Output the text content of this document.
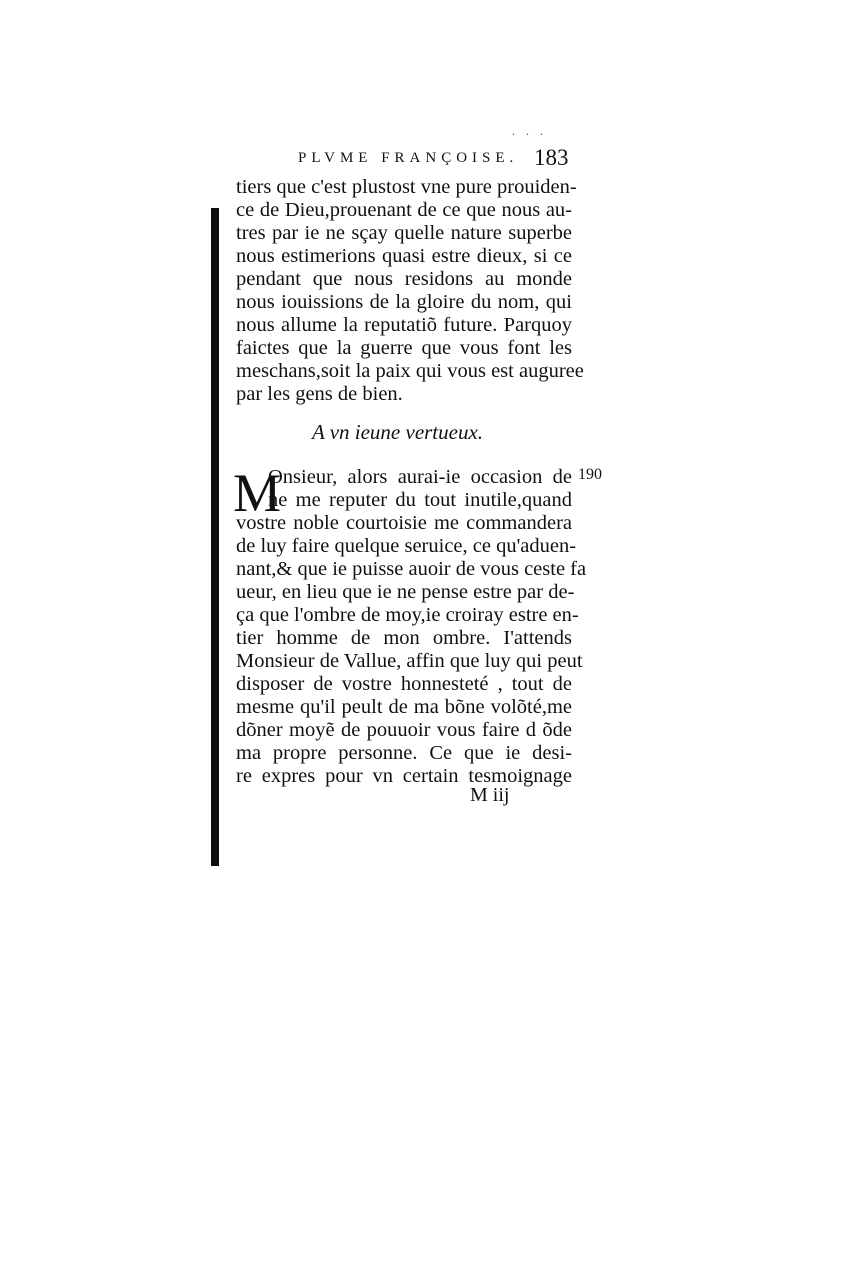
. . .
PLVME FRANÇOISE. 183
tiers que c'est plustost vne pure prouiden-
ce de Dieu,prouenant de ce que nous au-
tres par ie ne sçay quelle nature superbe
nous estimerions quasi estre dieux, si ce
pendant que nous residons au monde
nous iouissions de la gloire du nom, qui
nous allume la reputatiõ future. Parquoy
faictes que la guerre que vous font les
meschans,soit la paix qui vous est auguree
par les gens de bien.
A vn ieune vertueux.
190
M
Onsieur, alors aurai-ie occasion de
ne me reputer du tout inutile,quand
vostre noble courtoisie me commandera
de luy faire quelque seruice, ce qu'aduen-
nant,& que ie puisse auoir de vous ceste fa
ueur, en lieu que ie ne pense estre par de-
ça que l'ombre de moy,ie croiray estre en-
tier homme de mon ombre. I'attends
Monsieur de Vallue, affin que luy qui peut
disposer de vostre honnesteté , tout de
mesme qu'il peult de ma bõne volõté,me
dõner moyẽ de pouuoir vous faire d õde
ma propre personne. Ce que ie desi-
re expres pour vn certain tesmoignage
M iij
